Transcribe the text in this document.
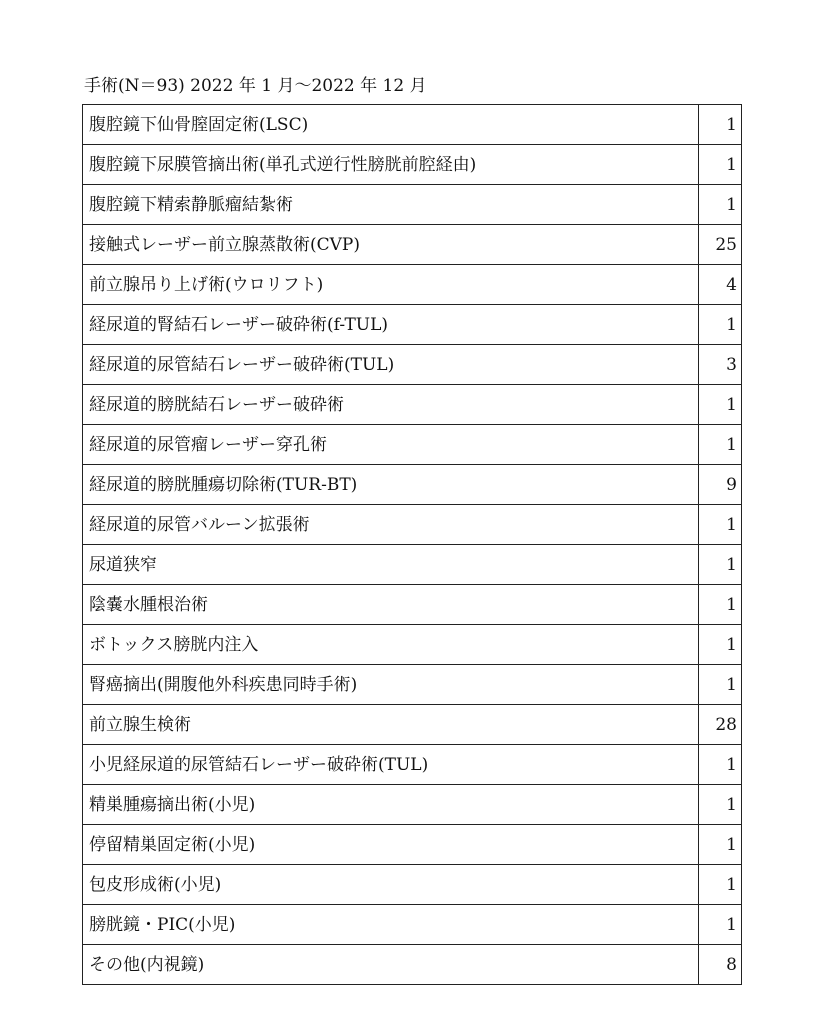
手術(N＝93) 2022 年 1 月～2022 年 12 月
腹腔鏡下仙骨膣固定術(LSC)	1
腹腔鏡下尿膜管摘出術(単孔式逆行性膀胱前腔経由)	1
腹腔鏡下精索静脈瘤結紮術	1
接触式レーザー前立腺蒸散術(CVP)	25
前立腺吊り上げ術(ウロリフト)	4
経尿道的腎結石レーザー破砕術(f-TUL)	1
経尿道的尿管結石レーザー破砕術(TUL)	3
経尿道的膀胱結石レーザー破砕術	1
経尿道的尿管瘤レーザー穿孔術	1
経尿道的膀胱腫瘍切除術(TUR-BT)	9
経尿道的尿管バルーン拡張術	1
尿道狭窄	1
陰嚢水腫根治術	1
ボトックス膀胱内注入	1
腎癌摘出(開腹他外科疾患同時手術)	1
前立腺生検術	28
小児経尿道的尿管結石レーザー破砕術(TUL)	1
精巣腫瘍摘出術(小児)	1
停留精巣固定術(小児)	1
包皮形成術(小児)	1
膀胱鏡・PIC(小児)	1
その他(内視鏡)	8
